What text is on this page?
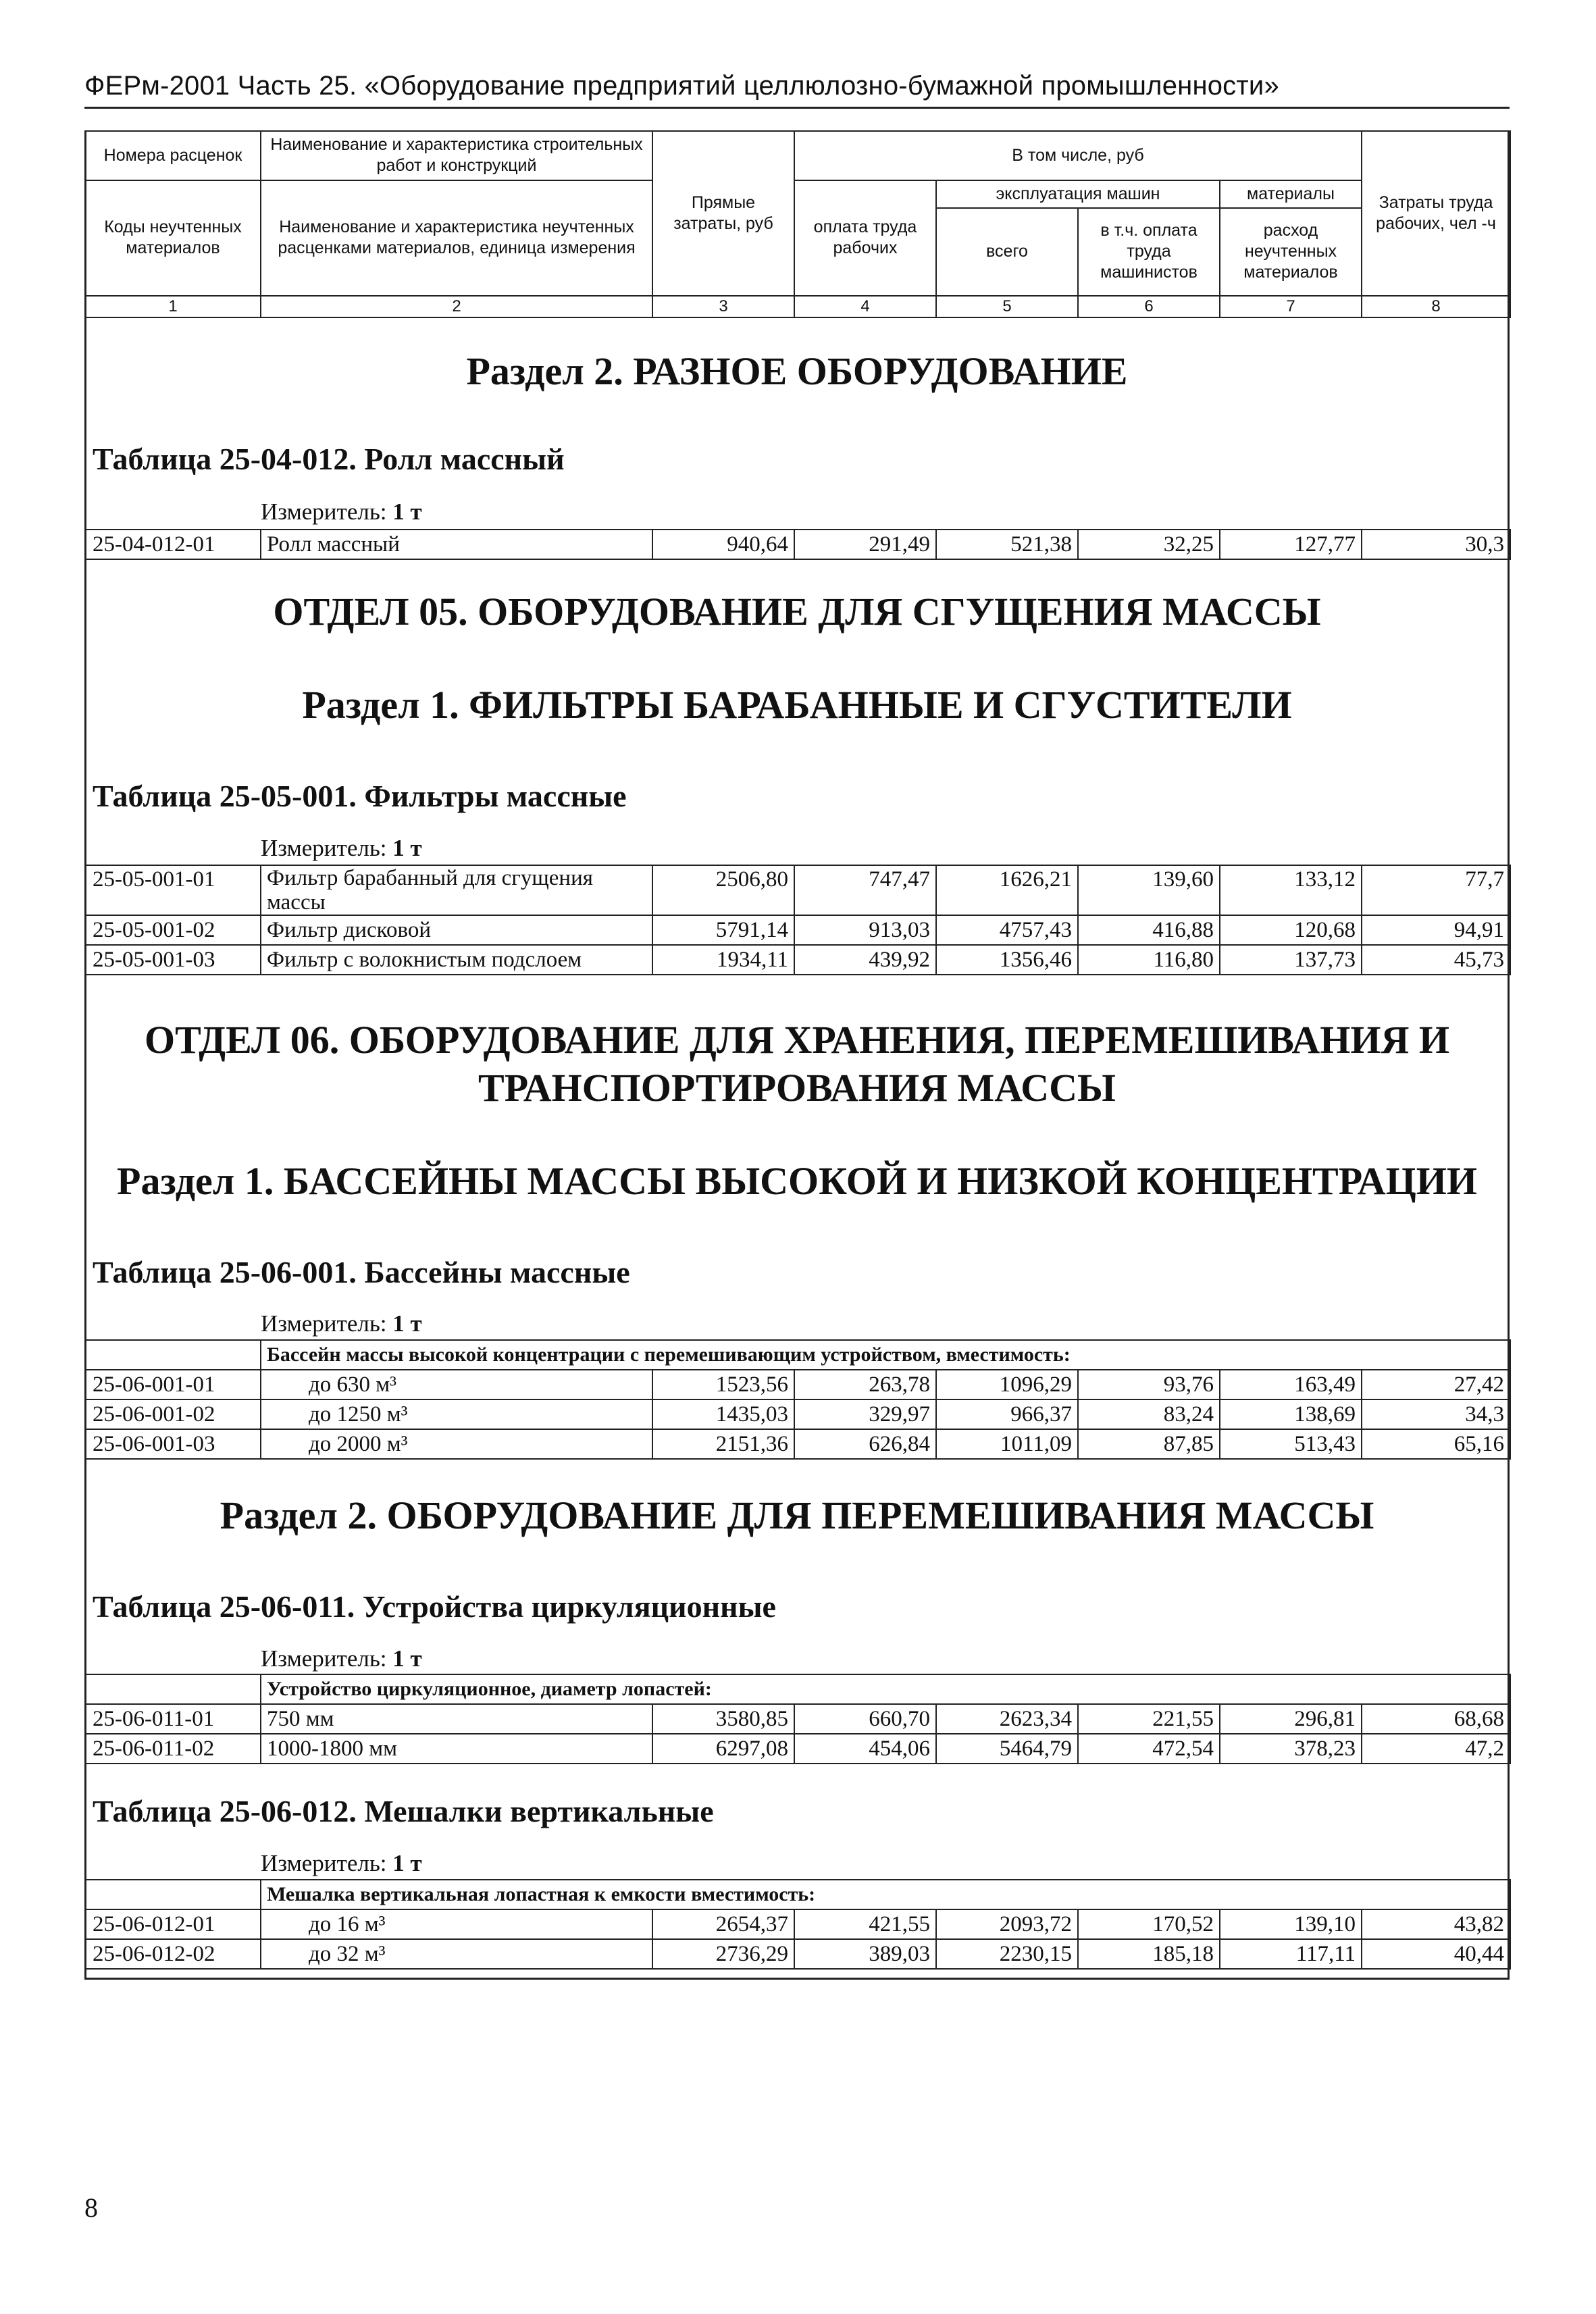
ФЕРм-2001 Часть 25. «Оборудование предприятий целлюлозно-бумажной промышленности»
Номера расценок	Наименование и характеристика строительных работ и конструкций	Прямые затраты, руб	В том числе, руб				Затраты труда рабочих, чел -ч
Коды неучтенных материалов	Наименование и характеристика неучтенных расценками материалов, единица измерения		оплата труда рабочих	эксплуатация машин		материалы	
				всего	в т.ч. оплата труда машинистов	расход неучтенных материалов	
1	2	3	4	5	6	7	8
Раздел 2. РАЗНОЕ ОБОРУДОВАНИЕ
Таблица 25-04-012. Ролл массный
Измеритель: 1 т
25-04-012-01	Ролл массный	940,64	291,49	521,38	32,25	127,77	30,3
ОТДЕЛ 05. ОБОРУДОВАНИЕ ДЛЯ СГУЩЕНИЯ МАССЫ
Раздел 1. ФИЛЬТРЫ БАРАБАННЫЕ И СГУСТИТЕЛИ
Таблица 25-05-001. Фильтры массные
Измеритель: 1 т
25-05-001-01	Фильтр барабанный для сгущения массы	2506,80	747,47	1626,21	139,60	133,12	77,7
25-05-001-02	Фильтр дисковой	5791,14	913,03	4757,43	416,88	120,68	94,91
25-05-001-03	Фильтр с волокнистым подслоем	1934,11	439,92	1356,46	116,80	137,73	45,73
ОТДЕЛ 06. ОБОРУДОВАНИЕ ДЛЯ ХРАНЕНИЯ, ПЕРЕМЕШИВАНИЯ И ТРАНСПОРТИРОВАНИЯ МАССЫ
Раздел 1. БАССЕЙНЫ МАССЫ ВЫСОКОЙ И НИЗКОЙ КОНЦЕНТРАЦИИ
Таблица 25-06-001. Бассейны массные
Измеритель: 1 т
	Бассейн массы высокой концентрации с перемешивающим устройством, вместимость:						
25-06-001-01	до 630 м³	1523,56	263,78	1096,29	93,76	163,49	27,42
25-06-001-02	до 1250 м³	1435,03	329,97	966,37	83,24	138,69	34,3
25-06-001-03	до 2000 м³	2151,36	626,84	1011,09	87,85	513,43	65,16
Раздел 2. ОБОРУДОВАНИЕ ДЛЯ ПЕРЕМЕШИВАНИЯ МАССЫ
Таблица 25-06-011. Устройства циркуляционные
Измеритель: 1 т
	Устройство циркуляционное, диаметр лопастей:						
25-06-011-01	750 мм	3580,85	660,70	2623,34	221,55	296,81	68,68
25-06-011-02	1000-1800 мм	6297,08	454,06	5464,79	472,54	378,23	47,2
Таблица 25-06-012. Мешалки вертикальные
Измеритель: 1 т
	Мешалка вертикальная лопастная к емкости вместимость:						
25-06-012-01	до 16 м³	2654,37	421,55	2093,72	170,52	139,10	43,82
25-06-012-02	до 32 м³	2736,29	389,03	2230,15	185,18	117,11	40,44
8
